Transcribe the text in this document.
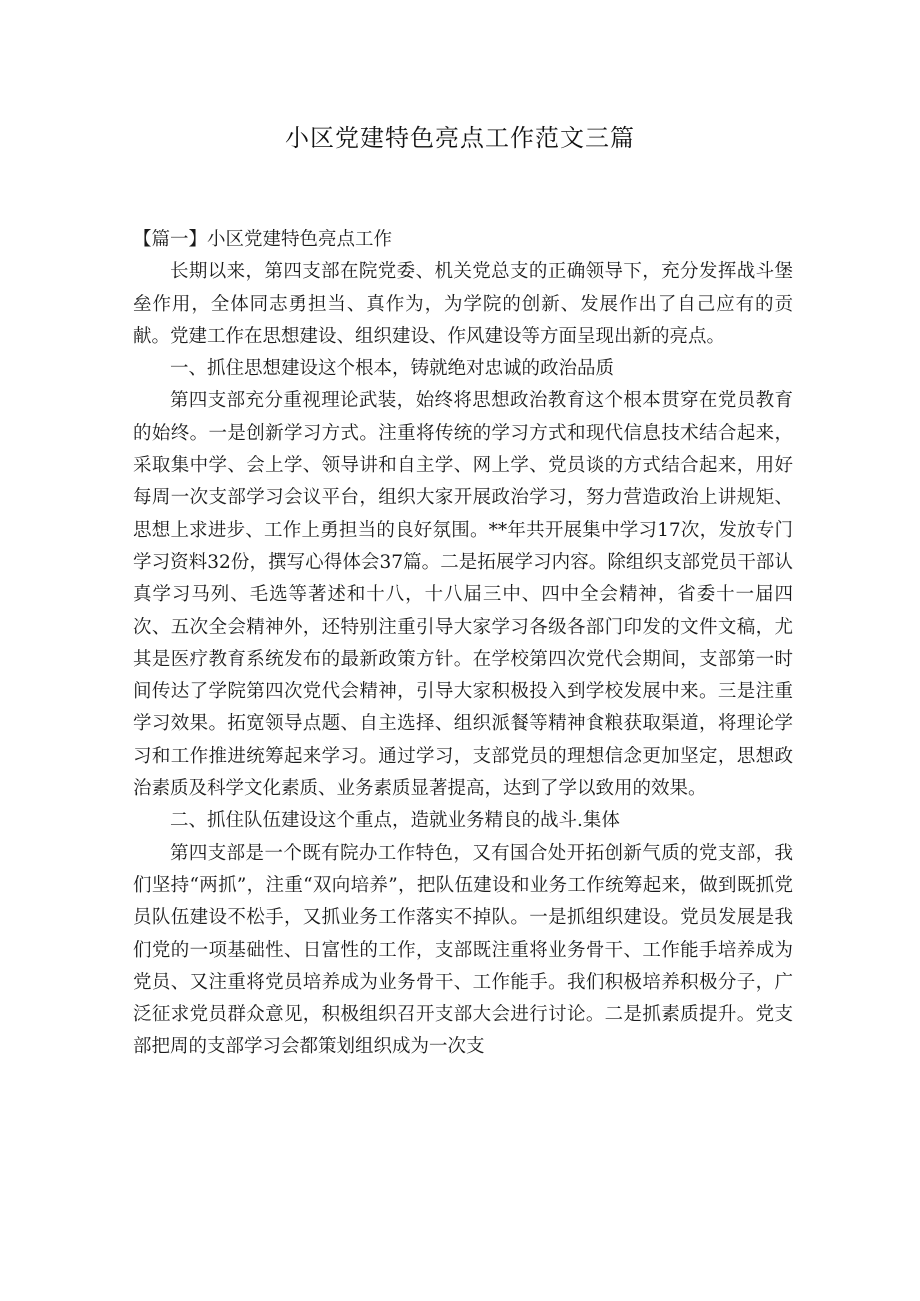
小区党建特色亮点工作范文三篇

【篇一】小区党建特色亮点工作

长期以来，第四支部在院党委、机关党总支的正确领导下，充分发挥战斗堡垒作用，全体同志勇担当、真作为，为学院的创新、发展作出了自己应有的贡献。党建工作在思想建设、组织建设、作风建设等方面呈现出新的亮点。

一、抓住思想建设这个根本，铸就绝对忠诚的政治品质

第四支部充分重视理论武装，始终将思想政治教育这个根本贯穿在党员教育的始终。一是创新学习方式。注重将传统的学习方式和现代信息技术结合起来，采取集中学、会上学、领导讲和自主学、网上学、党员谈的方式结合起来，用好每周一次支部学习会议平台，组织大家开展政治学习，努力营造政治上讲规矩、思想上求进步、工作上勇担当的良好氛围。**年共开展集中学习17次，发放专门学习资料32份，撰写心得体会37篇。二是拓展学习内容。除组织支部党员干部认真学习马列、毛选等著述和十八，十八届三中、四中全会精神，省委十一届四次、五次全会精神外，还特别注重引导大家学习各级各部门印发的文件文稿，尤其是医疗教育系统发布的最新政策方针。在学校第四次党代会期间，支部第一时间传达了学院第四次党代会精神，引导大家积极投入到学校发展中来。三是注重学习效果。拓宽领导点题、自主选择、组织派餐等精神食粮获取渠道，将理论学习和工作推进统筹起来学习。通过学习，支部党员的理想信念更加坚定，思想政治素质及科学文化素质、业务素质显著提高，达到了学以致用的效果。

二、抓住队伍建设这个重点，造就业务精良的战斗.集体

第四支部是一个既有院办工作特色，又有国合处开拓创新气质的党支部，我们坚持“两抓”，注重“双向培养”，把队伍建设和业务工作统筹起来，做到既抓党员队伍建设不松手，又抓业务工作落实不掉队。一是抓组织建设。党员发展是我们党的一项基础性、日富性的工作，支部既注重将业务骨干、工作能手培养成为党员、又注重将党员培养成为业务骨干、工作能手。我们积极培养积极分子，广泛征求党员群众意见，积极组织召开支部大会进行讨论。二是抓素质提升。党支部把周的支部学习会都策划组织成为一次支
